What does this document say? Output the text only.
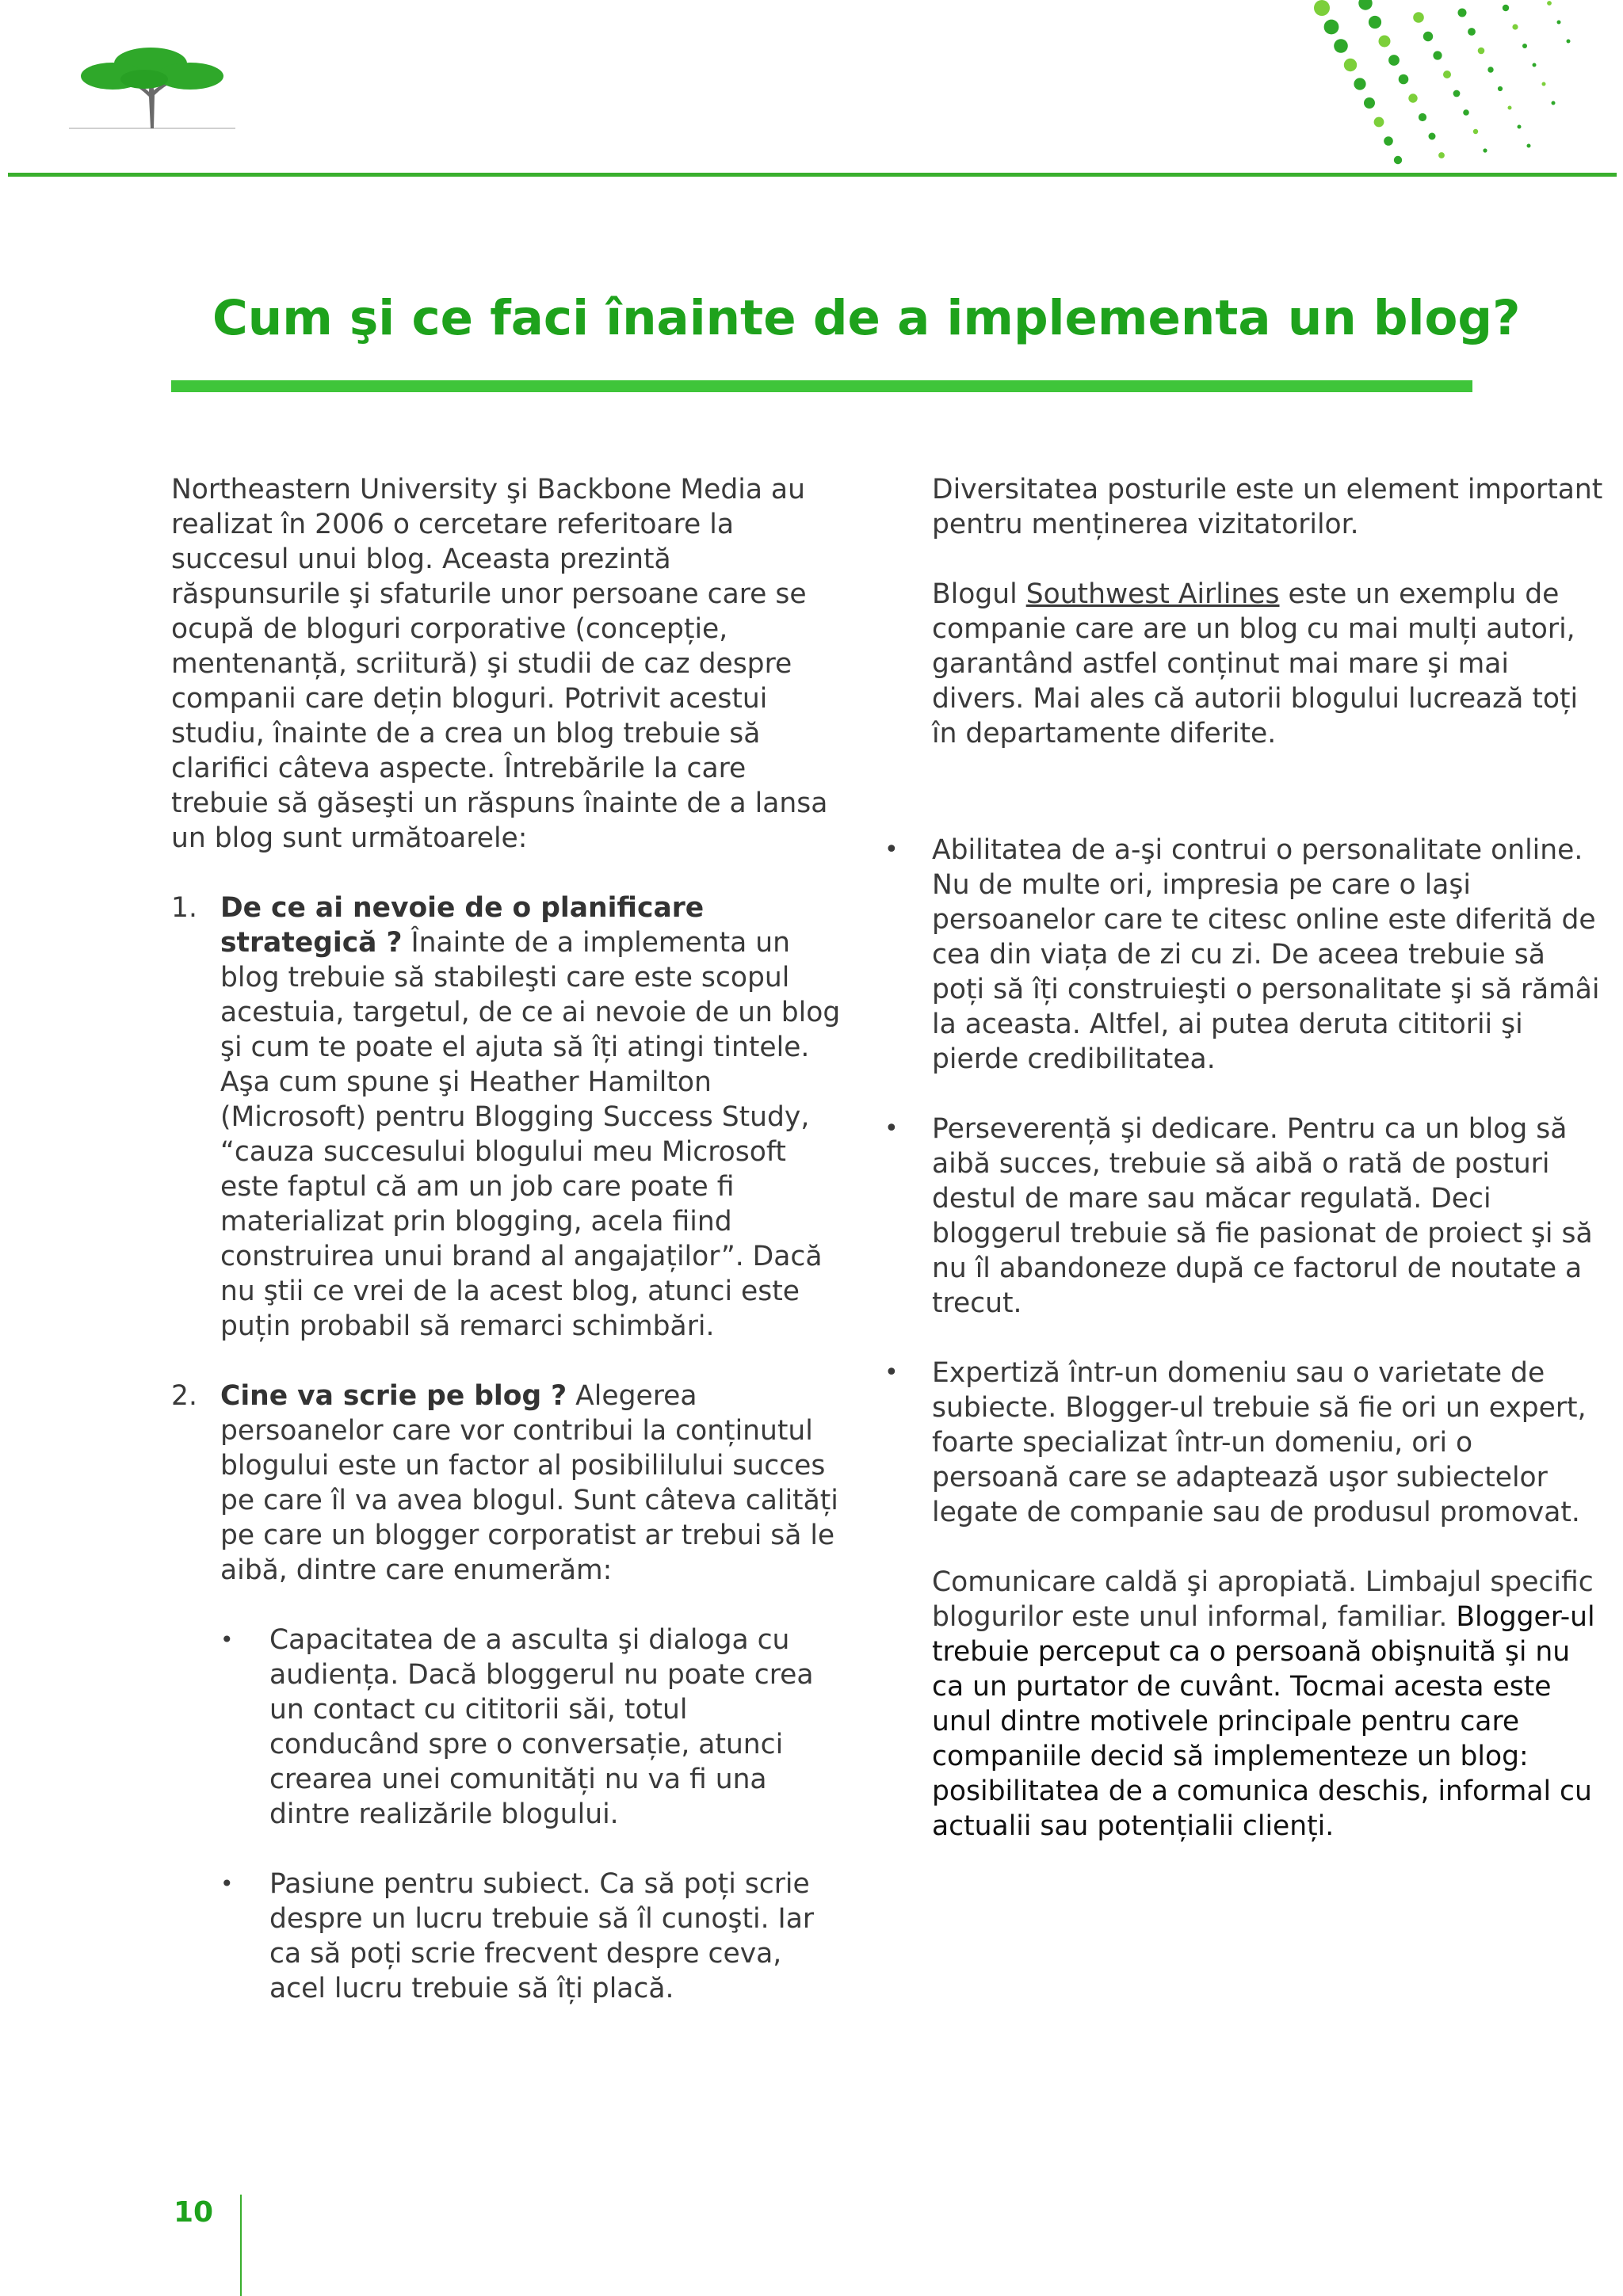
Cum şi ce faci înainte de a implementa un blog?

Northeastern University şi Backbone Media au realizat în 2006 o cercetare referitoare la succesul unui blog. Aceasta prezintă răspunsurile şi sfaturile unor persoane care se ocupă de bloguri corporative (concepție, mentenanță, scriitură) şi studii de caz despre companii care dețin bloguri. Potrivit acestui studiu, înainte de a crea un blog trebuie să clarifici câteva aspecte. Întrebările la care trebuie să găseşti un răspuns înainte de a lansa un blog sunt următoarele:

1. De ce ai nevoie de o planificare strategică ? Înainte de a implementa un blog trebuie să stabileşti care este scopul acestuia, targetul, de ce ai nevoie de un blog şi cum te poate el ajuta să îți atingi tintele. Aşa cum spune şi Heather Hamilton (Microsoft) pentru Blogging Success Study, “cauza succesului blogului meu Microsoft este faptul că am un job care poate fi materializat prin blogging, acela fiind construirea unui brand al angajaților”. Dacă nu ştii ce vrei de la acest blog, atunci este puțin probabil să remarci schimbări.
2. Cine va scrie pe blog ? Alegerea persoanelor care vor contribui la conținutul blogului este un factor al posibililului succes pe care îl va avea blogul. Sunt câteva calități pe care un blogger corporatist ar trebui să le aibă, dintre care enumerăm:
• Capacitatea de a asculta şi dialoga cu audiența. Dacă bloggerul nu poate crea un contact cu cititorii săi, totul conducând spre o conversație, atunci crearea unei comunități nu va fi una dintre realizările blogului.
• Pasiune pentru subiect. Ca să poți scrie despre un lucru trebuie să îl cunoşti. Iar ca să poți scrie frecvent despre ceva, acel lucru trebuie să îți placă.

Diversitatea posturile este un element important pentru menținerea vizitatorilor.

Blogul Southwest Airlines este un exemplu de companie care are un blog cu mai mulți autori, garantând astfel conținut mai mare şi mai divers. Mai ales că autorii blogului lucrează toți în departamente diferite.

• Abilitatea de a-şi contrui o personalitate online. Nu de multe ori, impresia pe care o laşi persoanelor care te citesc online este diferită de cea din viața de zi cu zi. De aceea trebuie să poți să îți construieşti o personalitate şi să rămâi la aceasta. Altfel, ai putea deruta cititorii şi pierde credibilitatea.
• Perseverență şi dedicare. Pentru ca un blog să aibă succes, trebuie să aibă o rată de posturi destul de mare sau măcar regulată. Deci bloggerul trebuie să fie pasionat de proiect şi să nu îl abandoneze după ce factorul de noutate a trecut.
• Expertiză într-un domeniu sau o varietate de subiecte. Blogger-ul trebuie să fie ori un expert, foarte specializat într-un domeniu, ori o persoană care se adaptează uşor subiectelor legate de companie sau de produsul promovat.

Comunicare caldă şi apropiată. Limbajul specific blogurilor este unul informal, familiar. Blogger-ul trebuie perceput ca o persoană obişnuită şi nu ca un purtator de cuvânt. Tocmai acesta este unul dintre motivele principale pentru care companiile decid să implementeze un blog: posibilitatea de a comunica deschis, informal cu actualii sau potențialii clienți.

10
